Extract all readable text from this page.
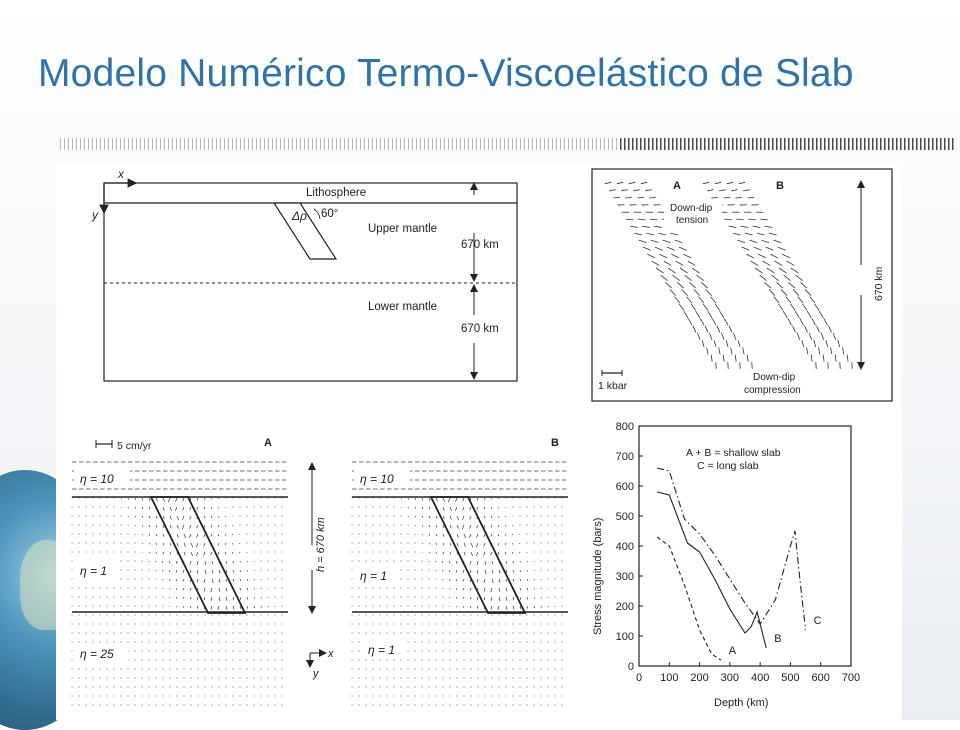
Modelo Numérico Termo-Viscoelástico de Slab
x
y
Lithosphere
Δρ 60°
Upper mantle
Lower mantle
670 km
670 km
A	B
Down-dip
tension
Down-dip
compression
1 kbar
670 km
5 cm/yr	A	B
η = 10
η = 1
η = 25
h = 670 km
x
y
η = 10
η = 1
η = 1
0
100
200
300
400
500
600
700
800
0 100 200 300 400 500 600 700
A
B
C
A + B = shallow slab
C = long slab
Depth (km)
Stress magnitude (bars)
